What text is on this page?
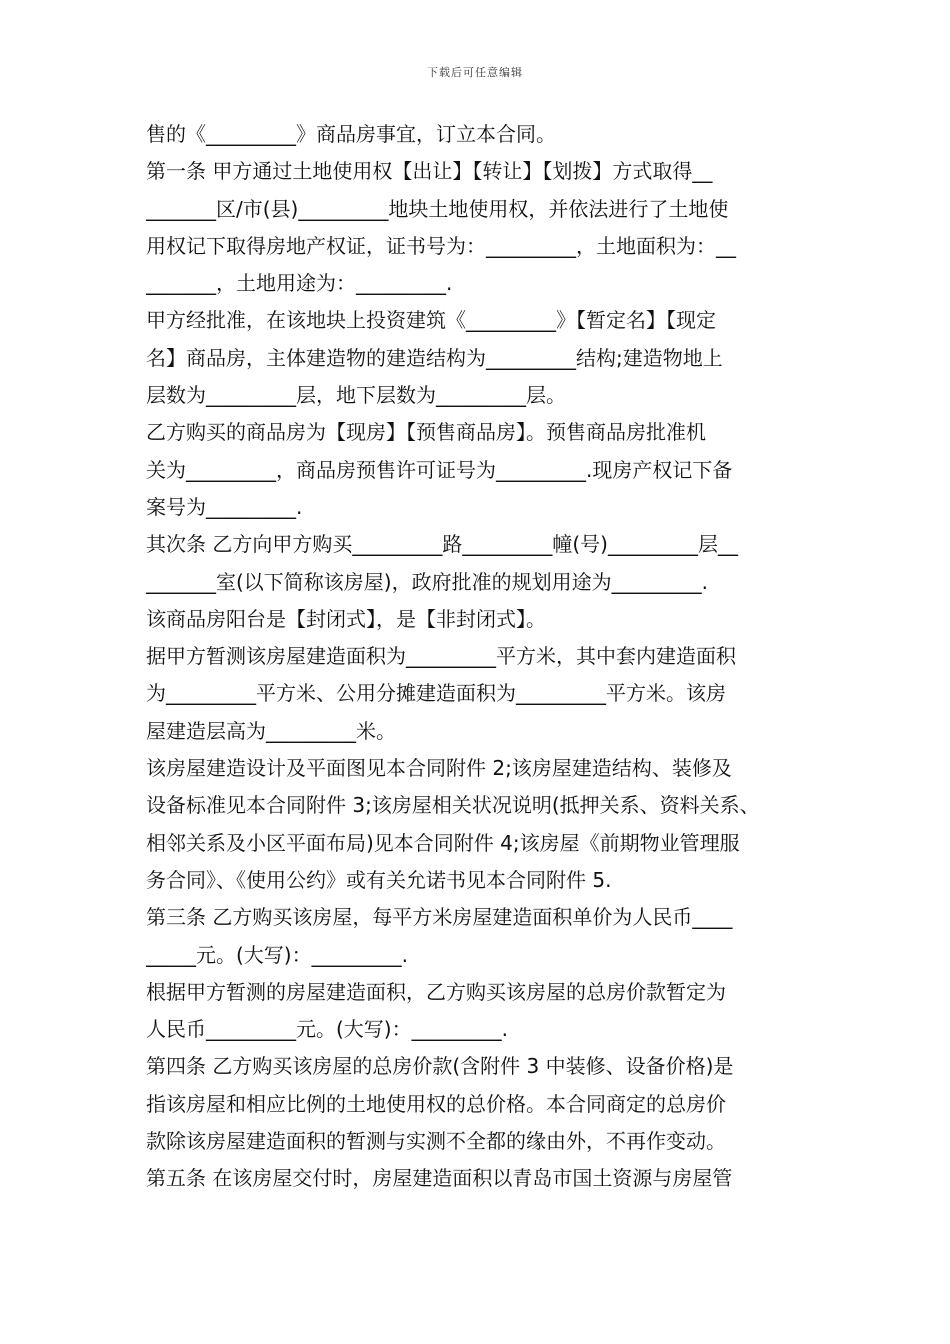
下载后可任意编辑
售的《_________》商品房事宜，订立本合同。
第一条 甲方通过土地使用权【出让】【转让】【划拨】方式取得__
_______区/市(县)_________地块土地使用权，并依法进行了土地使
用权记下取得房地产权证，证书号为：_________，土地面积为：__
_______，土地用途为：_________.
甲方经批准，在该地块上投资建筑《_________》【暂定名】【现定
名】商品房，主体建造物的建造结构为_________结构;建造物地上
层数为_________层，地下层数为_________层。
乙方购买的商品房为【现房】【预售商品房】。预售商品房批准机
关为_________，商品房预售许可证号为_________.现房产权记下备
案号为_________.
其次条 乙方向甲方购买_________路_________幢(号)_________层__
_______室(以下简称该房屋)，政府批准的规划用途为_________.
该商品房阳台是【封闭式】，是【非封闭式】。
据甲方暂测该房屋建造面积为_________平方米，其中套内建造面积
为_________平方米、公用分摊建造面积为_________平方米。该房
屋建造层高为_________米。
该房屋建造设计及平面图见本合同附件 2;该房屋建造结构、装修及
设备标准见本合同附件 3;该房屋相关状况说明(抵押关系、资料关系、
相邻关系及小区平面布局)见本合同附件 4;该房屋《前期物业管理服
务合同》、《使用公约》或有关允诺书见本合同附件 5.
第三条 乙方购买该房屋，每平方米房屋建造面积单价为人民币____
_____元。(大写)：_________.
根据甲方暂测的房屋建造面积，乙方购买该房屋的总房价款暂定为
人民币_________元。(大写)：_________.
第四条 乙方购买该房屋的总房价款(含附件 3 中装修、设备价格)是
指该房屋和相应比例的土地使用权的总价格。本合同商定的总房价
款除该房屋建造面积的暂测与实测不全都的缘由外，不再作变动。
第五条 在该房屋交付时，房屋建造面积以青岛市国土资源与房屋管
